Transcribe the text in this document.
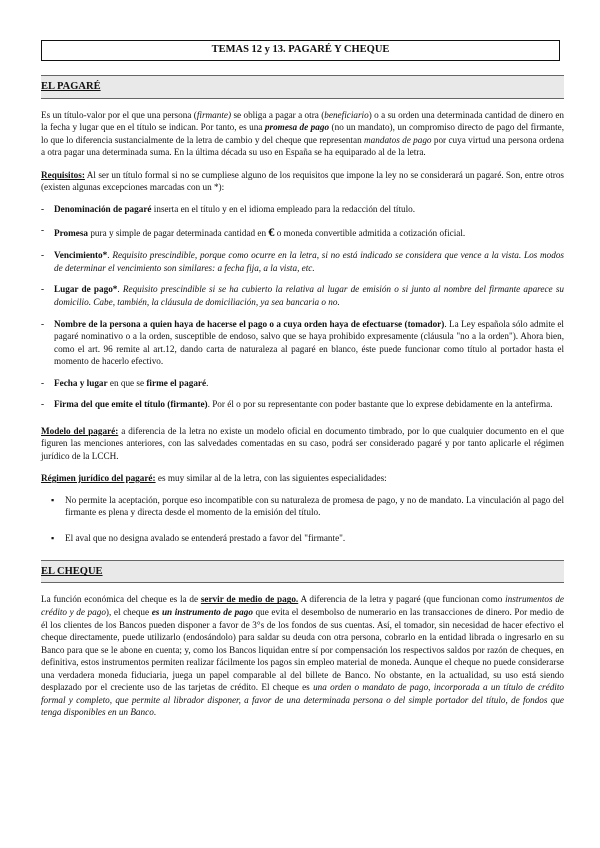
TEMAS 12 y 13. PAGARÉ Y CHEQUE
EL PAGARÉ

Es un título-valor por el que una persona (firmante) se obliga a pagar a otra (beneficiario) o a su orden una determinada cantidad de dinero en la fecha y lugar que en el título se indican. Por tanto, es una promesa de pago (no un mandato), un compromiso directo de pago del firmante, lo que lo diferencia sustancialmente de la letra de cambio y del cheque que representan mandatos de pago por cuya virtud una persona ordena a otra pagar una determinada suma. En la última década su uso en España se ha equiparado al de la letra.

Requisitos: Al ser un título formal si no se cumpliese alguno de los requisitos que impone la ley no se considerará un pagaré. Son, entre otros (existen algunas excepciones marcadas con un *):

- Denominación de pagaré inserta en el título y en el idioma empleado para la redacción del título.
- Promesa pura y simple de pagar determinada cantidad en € o moneda convertible admitida a cotización oficial.
- Vencimiento*. Requisito prescindible, porque como ocurre en la letra, si no está indicado se considera que vence a la vista. Los modos de determinar el vencimiento son similares: a fecha fija, a la vista, etc.
- Lugar de pago*. Requisito prescindible si se ha cubierto la relativa al lugar de emisión o si junto al nombre del firmante aparece su domicilio. Cabe, también, la cláusula de domiciliación, ya sea bancaria o no.
- Nombre de la persona a quien haya de hacerse el pago o a cuya orden haya de efectuarse (tomador). La Ley española sólo admite el pagaré nominativo o a la orden, susceptible de endoso, salvo que se haya prohibido expresamente (cláusula "no a la orden"). Ahora bien, como el art. 96 remite al art.12, dando carta de naturaleza al pagaré en blanco, éste puede funcionar como título al portador hasta el momento de hacerlo efectivo.
- Fecha y lugar en que se firme el pagaré.
- Firma del que emite el título (firmante). Por él o por su representante con poder bastante que lo exprese debidamente en la antefirma.

Modelo del pagaré: a diferencia de la letra no existe un modelo oficial en documento timbrado, por lo que cualquier documento en el que figuren las menciones anteriores, con las salvedades comentadas en su caso, podrá ser considerado pagaré y por tanto aplicarle el régimen jurídico de la LCCH.

Régimen jurídico del pagaré: es muy similar al de la letra, con las siguientes especialidades:

▪ No permite la aceptación, porque eso incompatible con su naturaleza de promesa de pago, y no de mandato. La vinculación al pago del firmante es plena y directa desde el momento de la emisión del título.
▪ El aval que no designa avalado se entenderá prestado a favor del "firmante".
EL CHEQUE

La función económica del cheque es la de servir de medio de pago. A diferencia de la letra y pagaré (que funcionan como instrumentos de crédito y de pago), el cheque es un instrumento de pago que evita el desembolso de numerario en las transacciones de dinero. Por medio de él los clientes de los Bancos pueden disponer a favor de 3°s de los fondos de sus cuentas. Así, el tomador, sin necesidad de hacer efectivo el cheque directamente, puede utilizarlo (endosándolo) para saldar su deuda con otra persona, cobrarlo en la entidad librada o ingresarlo en su Banco para que se le abone en cuenta; y, como los Bancos liquidan entre sí por compensación los respectivos saldos por razón de cheques, en definitiva, estos instrumentos permiten realizar fácilmente los pagos sin empleo material de moneda. Aunque el cheque no puede considerarse una verdadera moneda fiduciaria, juega un papel comparable al del billete de Banco. No obstante, en la actualidad, su uso está siendo desplazado por el creciente uso de las tarjetas de crédito. El cheque es una orden o mandato de pago, incorporada a un título de crédito formal y completo, que permite al librador disponer, a favor de una determinada persona o del simple portador del título, de fondos que tenga disponibles en un Banco.
